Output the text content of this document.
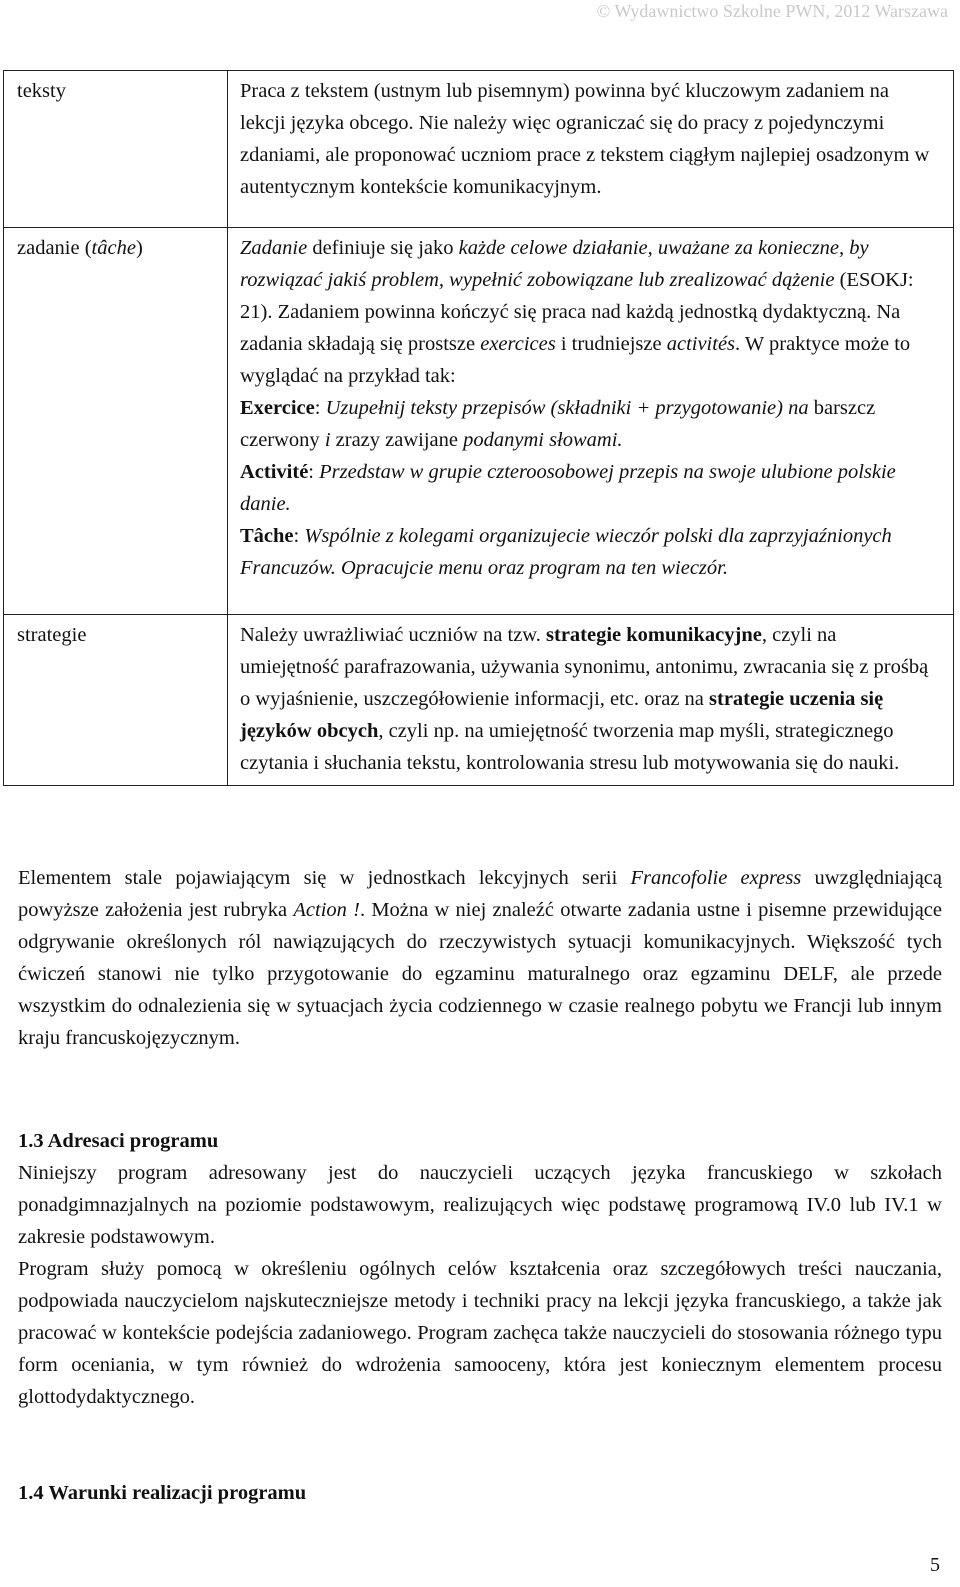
© Wydawnictwo Szkolne PWN, 2012 Warszawa
teksty	Praca z tekstem (ustnym lub pisemnym) powinna być kluczowym zadaniem na lekcji języka obcego. Nie należy więc ograniczać się do pracy z pojedynczymi zdaniami, ale proponować uczniom prace z tekstem ciągłym najlepiej osadzonym w autentycznym kontekście komunikacyjnym.
zadanie (tâche)	Zadanie definiuje się jako każde celowe działanie, uważane za konieczne, by rozwiązać jakiś problem, wypełnić zobowiązane lub zrealizować dążenie (ESOKJ: 21). Zadaniem powinna kończyć się praca nad każdą jednostką dydaktyczną. Na zadania składają się prostsze exercices i trudniejsze activités. W praktyce może to wyglądać na przykład tak:

Exercice: Uzupełnij teksty przepisów (składniki + przygotowanie) na barszcz czerwony i zrazy zawijane podanymi słowami.

Activité: Przedstaw w grupie czteroosobowej przepis na swoje ulubione polskie danie.

Tâche: Wspólnie z kolegami organizujecie wieczór polski dla zaprzyjaźnionych Francuzów. Opracujcie menu oraz program na ten wieczór.

strategie	Należy uwrażliwiać uczniów na tzw. strategie komunikacyjne, czyli na umiejętność parafrazowania, używania synonimu, antonimu, zwracania się z prośbą o wyjaśnienie, uszczegółowienie informacji, etc. oraz na strategie uczenia się języków obcych, czyli np. na umiejętność tworzenia map myśli, strategicznego czytania i słuchania tekstu, kontrolowania stresu lub motywowania się do nauki.
Elementem stale pojawiającym się w jednostkach lekcyjnych serii Francofolie express uwzględniającą powyższe założenia jest rubryka Action !. Można w niej znaleźć otwarte zadania ustne i pisemne przewidujące odgrywanie określonych ról nawiązujących do rzeczywistych sytuacji komunikacyjnych. Większość tych ćwiczeń stanowi nie tylko przygotowanie do egzaminu maturalnego oraz egzaminu DELF, ale przede wszystkim do odnalezienia się w sytuacjach życia codziennego w czasie realnego pobytu we Francji lub innym kraju francuskojęzycznym.
1.3 Adresaci programu

Niniejszy program adresowany jest do nauczycieli uczących języka francuskiego w szkołach ponadgimnazjalnych na poziomie podstawowym, realizujących więc podstawę programową IV.0 lub IV.1 w zakresie podstawowym.

Program służy pomocą w określeniu ogólnych celów kształcenia oraz szczegółowych treści nauczania, podpowiada nauczycielom najskuteczniejsze metody i techniki pracy na lekcji języka francuskiego, a także jak pracować w kontekście podejścia zadaniowego. Program zachęca także nauczycieli do stosowania różnego typu form oceniania, w tym również do wdrożenia samooceny, która jest koniecznym elementem procesu glottodydaktycznego.

1.4 Warunki realizacji programu
5
